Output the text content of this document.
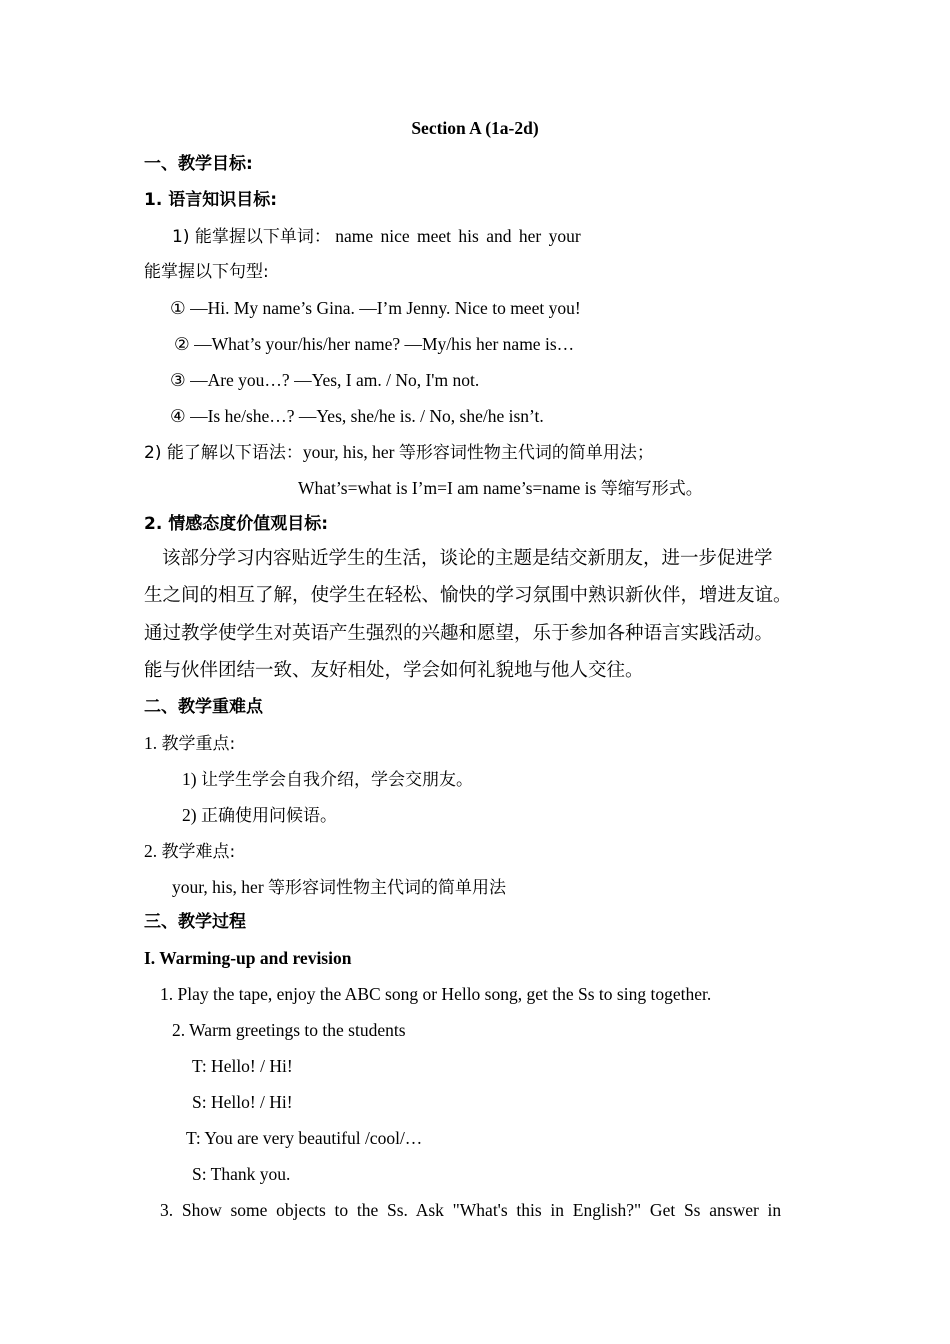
Section A (1a-2d)
一、教学目标:
1. 语言知识目标:
1) 能掌握以下单词： name nice meet his and her your
能掌握以下句型:
① —Hi. My name’s Gina. —I’m Jenny. Nice to meet you!
② —What’s your/his/her name? —My/his her name is…
③ —Are you…? —Yes, I am. / No, I'm not.
④ —Is he/she…? —Yes, she/he is. / No, she/he isn’t.
2) 能了解以下语法：your, his, her 等形容词性物主代词的简单用法；
What’s=what is I’m=I am name’s=name is 等缩写形式。
2. 情感态度价值观目标:
该部分学习内容贴近学生的生活，谈论的主题是结交新朋友，进一步促进学
生之间的相互了解，使学生在轻松、愉快的学习氛围中熟识新伙伴，增进友谊。
通过教学使学生对英语产生强烈的兴趣和愿望，乐于参加各种语言实践活动。
能与伙伴团结一致、友好相处，学会如何礼貌地与他人交往。
二、教学重难点
1. 教学重点:
1) 让学生学会自我介绍，学会交朋友。
2) 正确使用问候语。
2. 教学难点:
your, his, her 等形容词性物主代词的简单用法
三、教学过程
I. Warming-up and revision
1. Play the tape, enjoy the ABC song or Hello song, get the Ss to sing together.
2. Warm greetings to the students
T: Hello! / Hi!
S: Hello! / Hi!
T: You are very beautiful /cool/…
S: Thank you.
3.  Show  some  objects  to  the  Ss.  Ask  "What's  this  in  English?"  Get  Ss  answer  in
